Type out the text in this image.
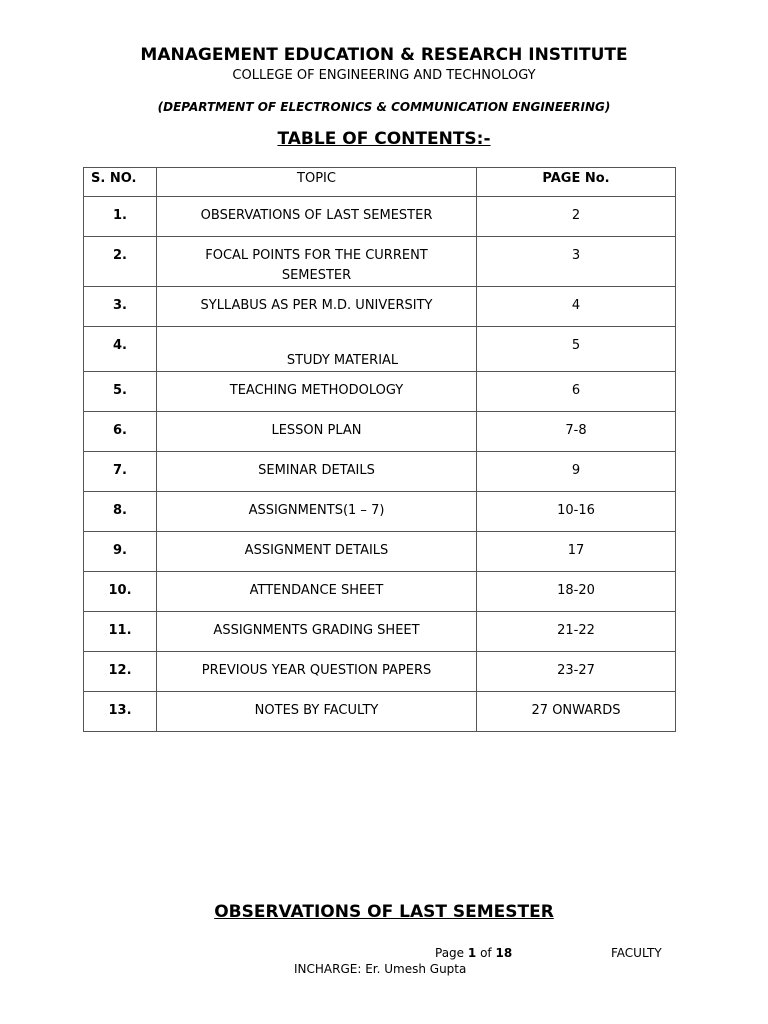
MANAGEMENT EDUCATION & RESEARCH INSTITUTE
COLLEGE OF ENGINEERING AND TECHNOLOGY
(DEPARTMENT OF ELECTRONICS & COMMUNICATION ENGINEERING)
TABLE OF CONTENTS:-
S. NO.	TOPIC	PAGE No.
1.	OBSERVATIONS OF LAST SEMESTER	2
2.	FOCAL POINTS FOR THE CURRENT SEMESTER	3
3.	SYLLABUS AS PER M.D. UNIVERSITY	4
4.	STUDY MATERIAL	5
5.	TEACHING METHODOLOGY	6
6.	LESSON PLAN	7-8
7.	SEMINAR DETAILS	9
8.	ASSIGNMENTS(1 – 7)	10-16
9.	ASSIGNMENT DETAILS	17
10.	ATTENDANCE SHEET	18-20
11.	ASSIGNMENTS GRADING SHEET	21-22
12.	PREVIOUS YEAR QUESTION PAPERS	23-27
13.	NOTES BY FACULTY	27 ONWARDS
OBSERVATIONS OF LAST SEMESTER
Page 1 of 18	FACULTY
INCHARGE: Er. Umesh Gupta
